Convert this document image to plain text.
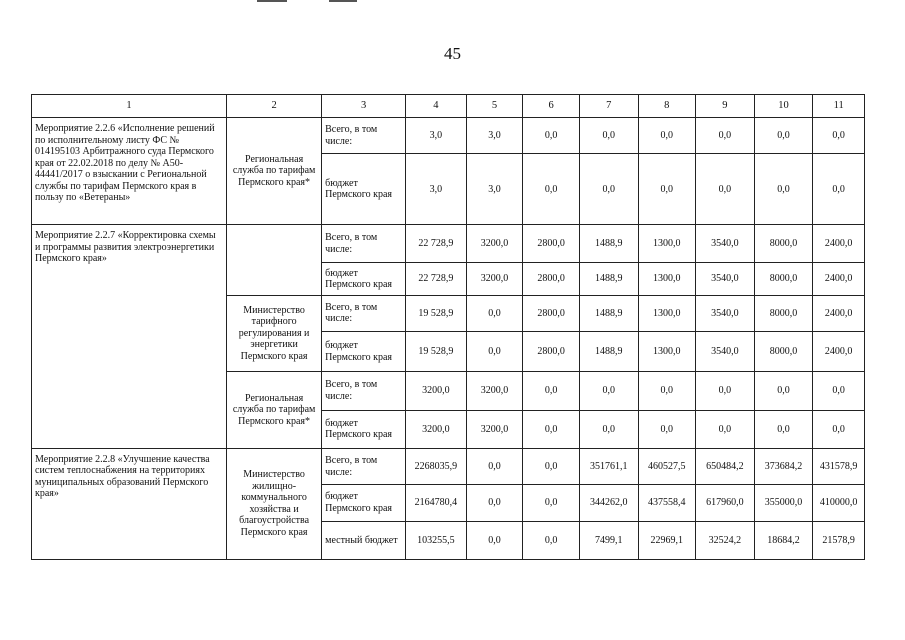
45
1	2	3	4	5	6	7	8	9	10	11
Мероприятие 2.2.6 «Исполнение решений по исполнительному листу ФС № 014195103 Арбитражного суда Пермского края от 22.02.2018 по делу № А50-44441/2017 о взыскании с Региональной службы по тарифам Пермского края в пользу по «Ветераны»	Региональная служба по тарифам Пермского края*	Всего, в том числе:	3,0	3,0	0,0	0,0	0,0	0,0	0,0	0,0
		бюджет Пермского края	3,0	3,0	0,0	0,0	0,0	0,0	0,0	0,0
Мероприятие 2.2.7 «Корректировка схемы и программы развития электроэнергетики Пермского края»		Всего, в том числе:	22 728,9	3200,0	2800,0	1488,9	1300,0	3540,0	8000,0	2400,0
		бюджет Пермского края	22 728,9	3200,0	2800,0	1488,9	1300,0	3540,0	8000,0	2400,0
	Министерство тарифного регулирования и энергетики Пермского края	Всего, в том числе:	19 528,9	0,0	2800,0	1488,9	1300,0	3540,0	8000,0	2400,0
		бюджет Пермского края	19 528,9	0,0	2800,0	1488,9	1300,0	3540,0	8000,0	2400,0
	Региональная служба по тарифам Пермского края*	Всего, в том числе:	3200,0	3200,0	0,0	0,0	0,0	0,0	0,0	0,0
		бюджет Пермского края	3200,0	3200,0	0,0	0,0	0,0	0,0	0,0	0,0
Мероприятие 2.2.8 «Улучшение качества систем теплоснабжения на территориях муниципальных образований Пермского края»	Министерство жилищно-коммунального хозяйства и благоустройства Пермского края	Всего, в том числе:	2268035,9	0,0	0,0	351761,1	460527,5	650484,2	373684,2	431578,9
		бюджет Пермского края	2164780,4	0,0	0,0	344262,0	437558,4	617960,0	355000,0	410000,0
		местный бюджет	103255,5	0,0	0,0	7499,1	22969,1	32524,2	18684,2	21578,9
